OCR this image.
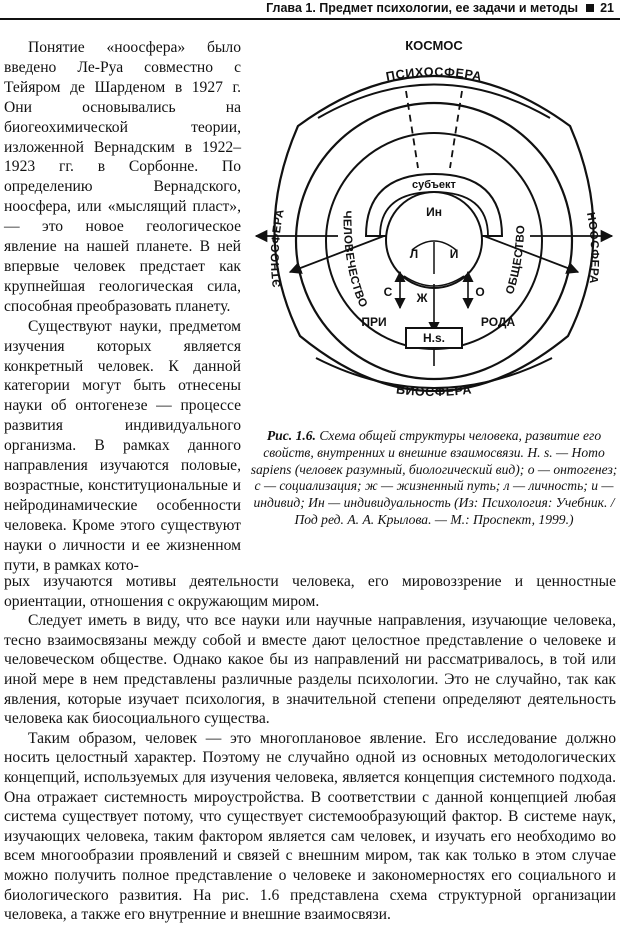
Глава 1. Предмет психологии, ее задачи и методы 21

Понятие «ноосфера» было введено Ле-Руа совместно с Тейяром де Шарденом в 1927 г. Они основывались на биогеохимической теории, изложенной Вернадским в 1922–1923 гг. в Сорбонне. По определению Вернадского, ноосфера, или «мыслящий пласт», — это новое геологическое явление на нашей планете. В ней впервые человек предстает как крупнейшая геологическая сила, способная преобразовать планету.

Существуют науки, предметом изучения которых является конкретный человек. К данной категории могут быть отнесены науки об онтогенезе — процессе развития индивидуального организма. В рамках данного направления изучаются половые, возрастные, конституциональные и нейродинамические особенности человека. Кроме этого существуют науки о личности и ее жизненном пути, в рамках кото-

H.s.
КОСМОС
ПСИХОСФЕРА
БИОСФЕРА
ЭТНОСФЕРА	НООСФЕРА
ЧЕЛОВЕЧЕСТВО
ОБЩЕСТВО
субъект
Ин
Л	И
С Ж	О
ПРИ	РОДА
Рис. 1.6. Схема общей структуры человека, развитие его свойств, внутренних и внешние взаимосвязи. H. s. — Homo sapiens (человек разумный, биологический вид); о — онтогенез; с — социализация; ж — жизненный путь; л — личность; и — индивид; Ин — индивидуальность (Из: Психология: Учебник. / Под ред. А. А. Крылова. — М.: Проспект, 1999.)

рых изучаются мотивы деятельности человека, его мировоззрение и ценностные ориентации, отношения с окружающим миром.

Следует иметь в виду, что все науки или научные направления, изучающие человека, тесно взаимосвязаны между собой и вместе дают целостное представление о человеке и человеческом обществе. Однако какое бы из направлений ни рассматривалось, в той или иной мере в нем представлены различные разделы психологии. Это не случайно, так как явления, которые изучает психология, в значительной степени определяют деятельность человека как биосоциального существа.

Таким образом, человек — это многоплановое явление. Его исследование должно носить целостный характер. Поэтому не случайно одной из основных методологических концепций, используемых для изучения человека, является концепция системного подхода. Она отражает системность мироустройства. В соответствии с данной концепцией любая система существует потому, что существует системообразующий фактор. В системе наук, изучающих человека, таким фактором является сам человек, и изучать его необходимо во всем многообразии проявлений и связей с внешним миром, так как только в этом случае можно получить полное представление о человеке и закономерностях его социального и биологического развития. На рис. 1.6 представлена схема структурной организации человека, а также его внутренние и внешние взаимосвязи.
